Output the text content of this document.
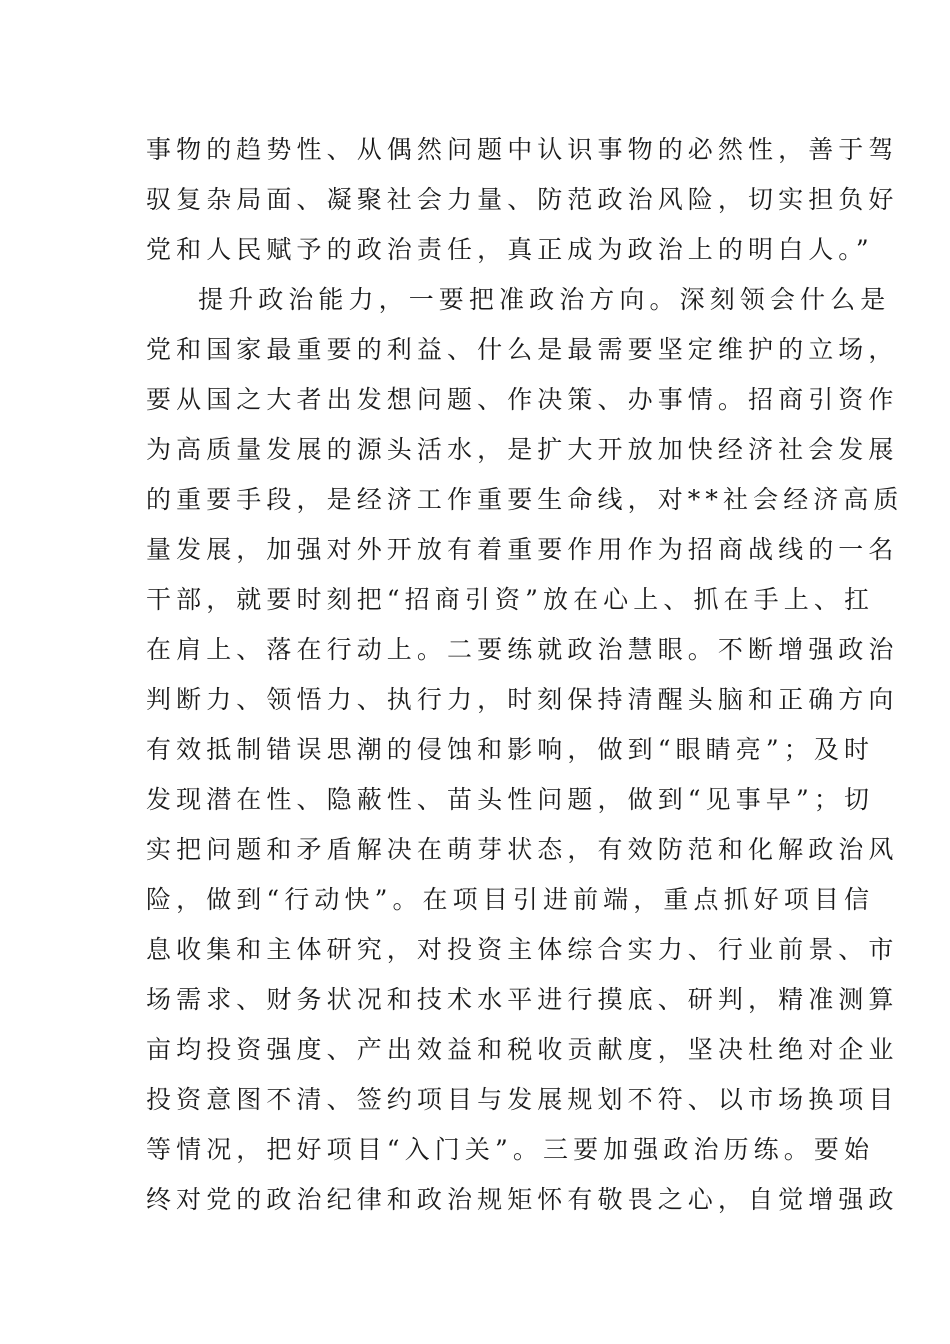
事物的趋势性、从偶然问题中认识事物的必然性，善于驾
驭复杂局面、凝聚社会力量、防范政治风险，切实担负好
党和人民赋予的政治责任，真正成为政治上的明白人。”
提升政治能力，一要把准政治方向。深刻领会什么是
党和国家最重要的利益、什么是最需要坚定维护的立场，
要从国之大者出发想问题、作决策、办事情。招商引资作
为高质量发展的源头活水，是扩大开放加快经济社会发展
的重要手段，是经济工作重要生命线，对**社会经济高质
量发展，加强对外开放有着重要作用作为招商战线的一名
干部，就要时刻把“招商引资”放在心上、抓在手上、扛
在肩上、落在行动上。二要练就政治慧眼。不断增强政治
判断力、领悟力、执行力，时刻保持清醒头脑和正确方向
有效抵制错误思潮的侵蚀和影响，做到“眼睛亮”；及时
发现潜在性、隐蔽性、苗头性问题，做到“见事早”；切
实把问题和矛盾解决在萌芽状态，有效防范和化解政治风
险，做到“行动快”。在项目引进前端，重点抓好项目信
息收集和主体研究，对投资主体综合实力、行业前景、市
场需求、财务状况和技术水平进行摸底、研判，精准测算
亩均投资强度、产出效益和税收贡献度，坚决杜绝对企业
投资意图不清、签约项目与发展规划不符、以市场换项目
等情况，把好项目“入门关”。三要加强政治历练。要始
终对党的政治纪律和政治规矩怀有敬畏之心，自觉增强政
